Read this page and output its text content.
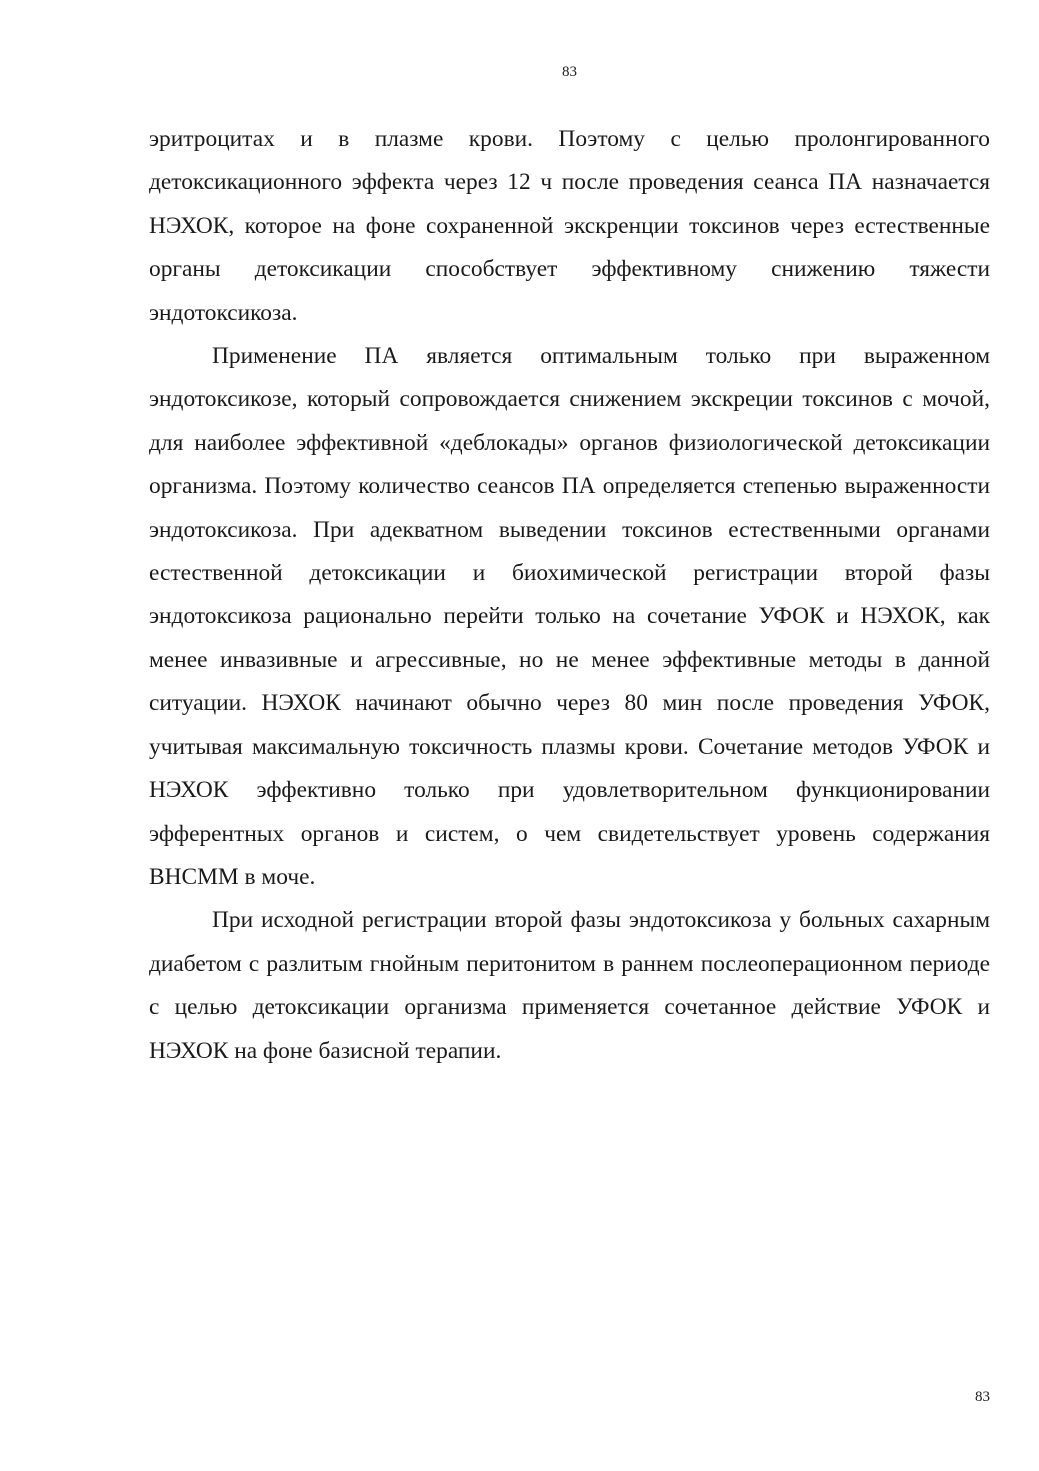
83

эритроцитах и в плазме крови. Поэтому с целью пролонгированного детоксикационного эффекта через 12 ч после проведения сеанса ПА назначается НЭХОК, которое на фоне сохраненной экскренции токсинов через естественные органы детоксикации способствует эффективному снижению тяжести эндотоксикоза.

Применение ПА является оптимальным только при выраженном эндотоксикозе, который сопровождается снижением экскреции токсинов с мочой, для наиболее эффективной «деблокады» органов физиологической детоксикации организма. Поэтому количество сеансов ПА определяется степенью выраженности эндотоксикоза. При адекватном выведении токсинов естественными органами естественной детоксикации и биохимической регистрации второй фазы эндотоксикоза рационально перейти только на сочетание УФОК и НЭХОК, как менее инвазивные и агрессивные, но не менее эффективные методы в данной ситуации. НЭХОК начинают обычно через 80 мин после проведения УФОК, учитывая максимальную токсичность плазмы крови. Сочетание методов УФОК и НЭХОК эффективно только при удовлетворительном функционировании эфферентных органов и систем, о чем свидетельствует уровень содержания ВНСММ в моче.

При исходной регистрации второй фазы эндотоксикоза у больных сахарным диабетом с разлитым гнойным перитонитом в раннем послеоперационном периоде с целью детоксикации организма применяется сочетанное действие УФОК и НЭХОК на фоне базисной терапии.

83
